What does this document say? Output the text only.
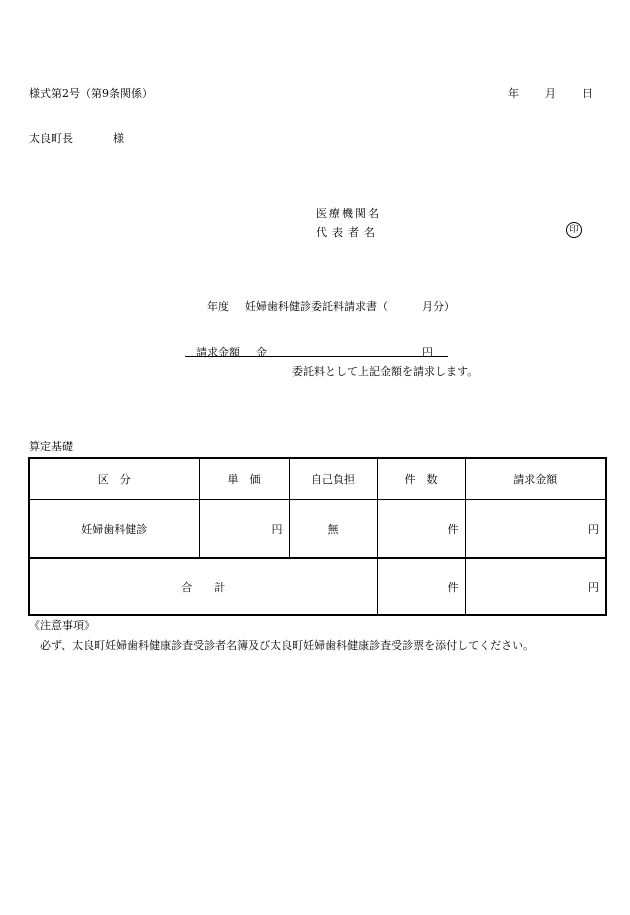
様式第2号（第9条関係）	年 月 日
太良町長	様
医療機関名
代表者名	印
年度 妊婦歯科健診委託料請求書（	月分）
請求金額 金	円
委託料として上記金額を請求します。
算定基礎
区　分	単　価	自己負担	件　数	請求金額
妊婦歯科健診	円	無	件	円
合　　計			件	円
《注意事項》
必ず、太良町妊婦歯科健康診査受診者名簿及び太良町妊婦歯科健康診査受診票を添付してください。
